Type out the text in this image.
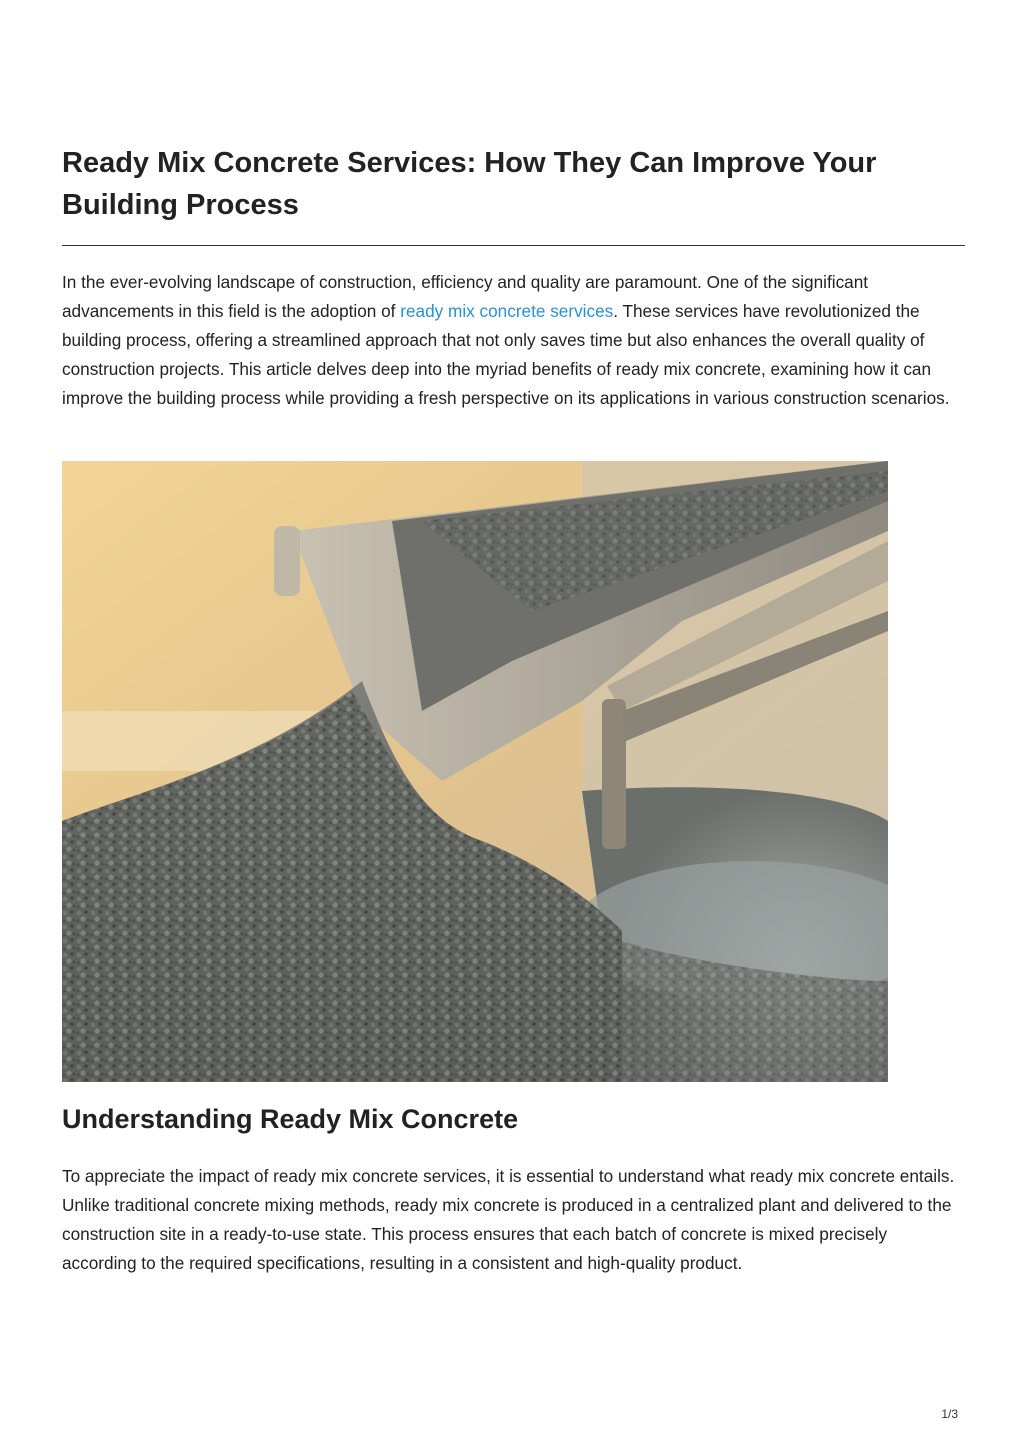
Ready Mix Concrete Services: How They Can Improve Your Building Process

In the ever-evolving landscape of construction, efficiency and quality are paramount. One of the significant advancements in this field is the adoption of ready mix concrete services. These services have revolutionized the building process, offering a streamlined approach that not only saves time but also enhances the overall quality of construction projects. This article delves deep into the myriad benefits of ready mix concrete, examining how it can improve the building process while providing a fresh perspective on its applications in various construction scenarios.

Understanding Ready Mix Concrete

To appreciate the impact of ready mix concrete services, it is essential to understand what ready mix concrete entails. Unlike traditional concrete mixing methods, ready mix concrete is produced in a centralized plant and delivered to the construction site in a ready-to-use state. This process ensures that each batch of concrete is mixed precisely according to the required specifications, resulting in a consistent and high-quality product.

1/3
